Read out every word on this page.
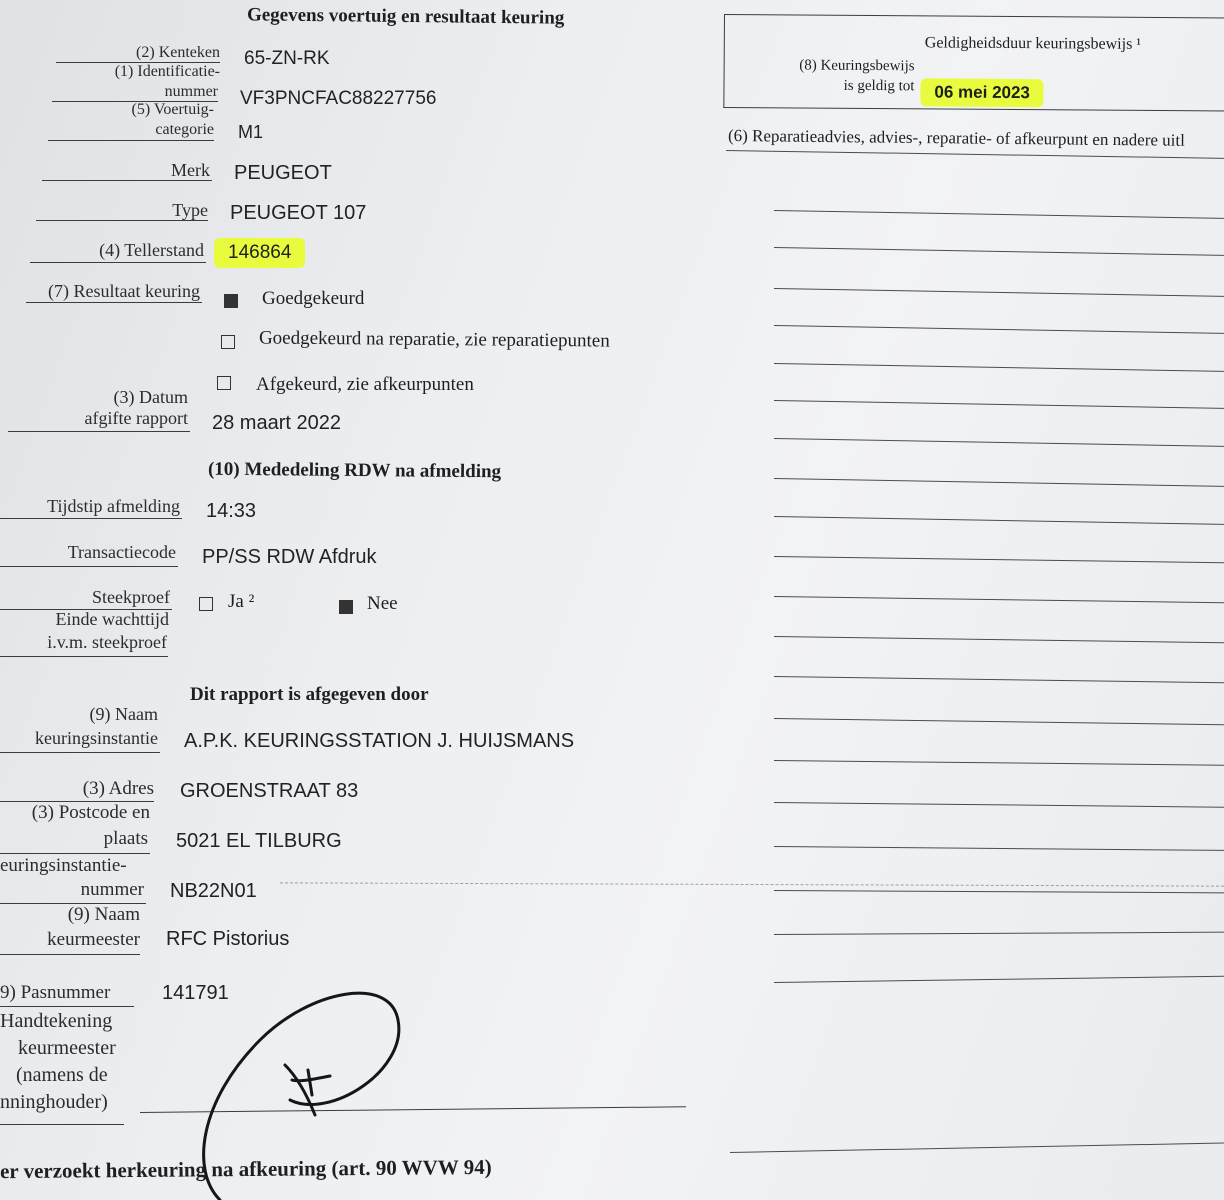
Gegevens voertuig en resultaat keuring
(2) Kenteken 65-ZN-RK
(1) Identificatie-
nummer VF3PNCFAC88227756
(5) Voertuig-
categorie M1
Merk PEUGEOT
Type PEUGEOT 107
(4) Tellerstand	146864
(7) Resultaat keuring	Goedgekeurd
Goedgekeurd na reparatie, zie reparatiepunten
Afgekeurd, zie afkeurpunten
(3) Datum
afgifte rapport 28 maart 2022
(10) Mededeling RDW na afmelding
Tijdstip afmelding 14:33
Transactiecode PP/SS RDW Afdruk
Steekproef	Ja ²	Nee
Einde wachttijd
i.v.m. steekproef
Dit rapport is afgegeven door
(9) Naam
keuringsinstantie A.P.K. KEURINGSSTATION J. HUIJSMANS
(3) Adres GROENSTRAAT 83
(3) Postcode en
plaats 5021 EL TILBURG
euringsinstantie-
nummer NB22N01
(9) Naam
keurmeester RFC Pistorius
9) Pasnummer	141791
Handtekening
keurmeester
(namens de
nninghouder)
er verzoekt herkeuring na afkeuring (art. 90 WVW 94)
Geldigheidsduur keuringsbewijs ¹
(8) Keuringsbewijs
is geldig tot	06 mei 2023
(6) Reparatieadvies, advies-, reparatie- of afkeurpunt en nadere uitl
